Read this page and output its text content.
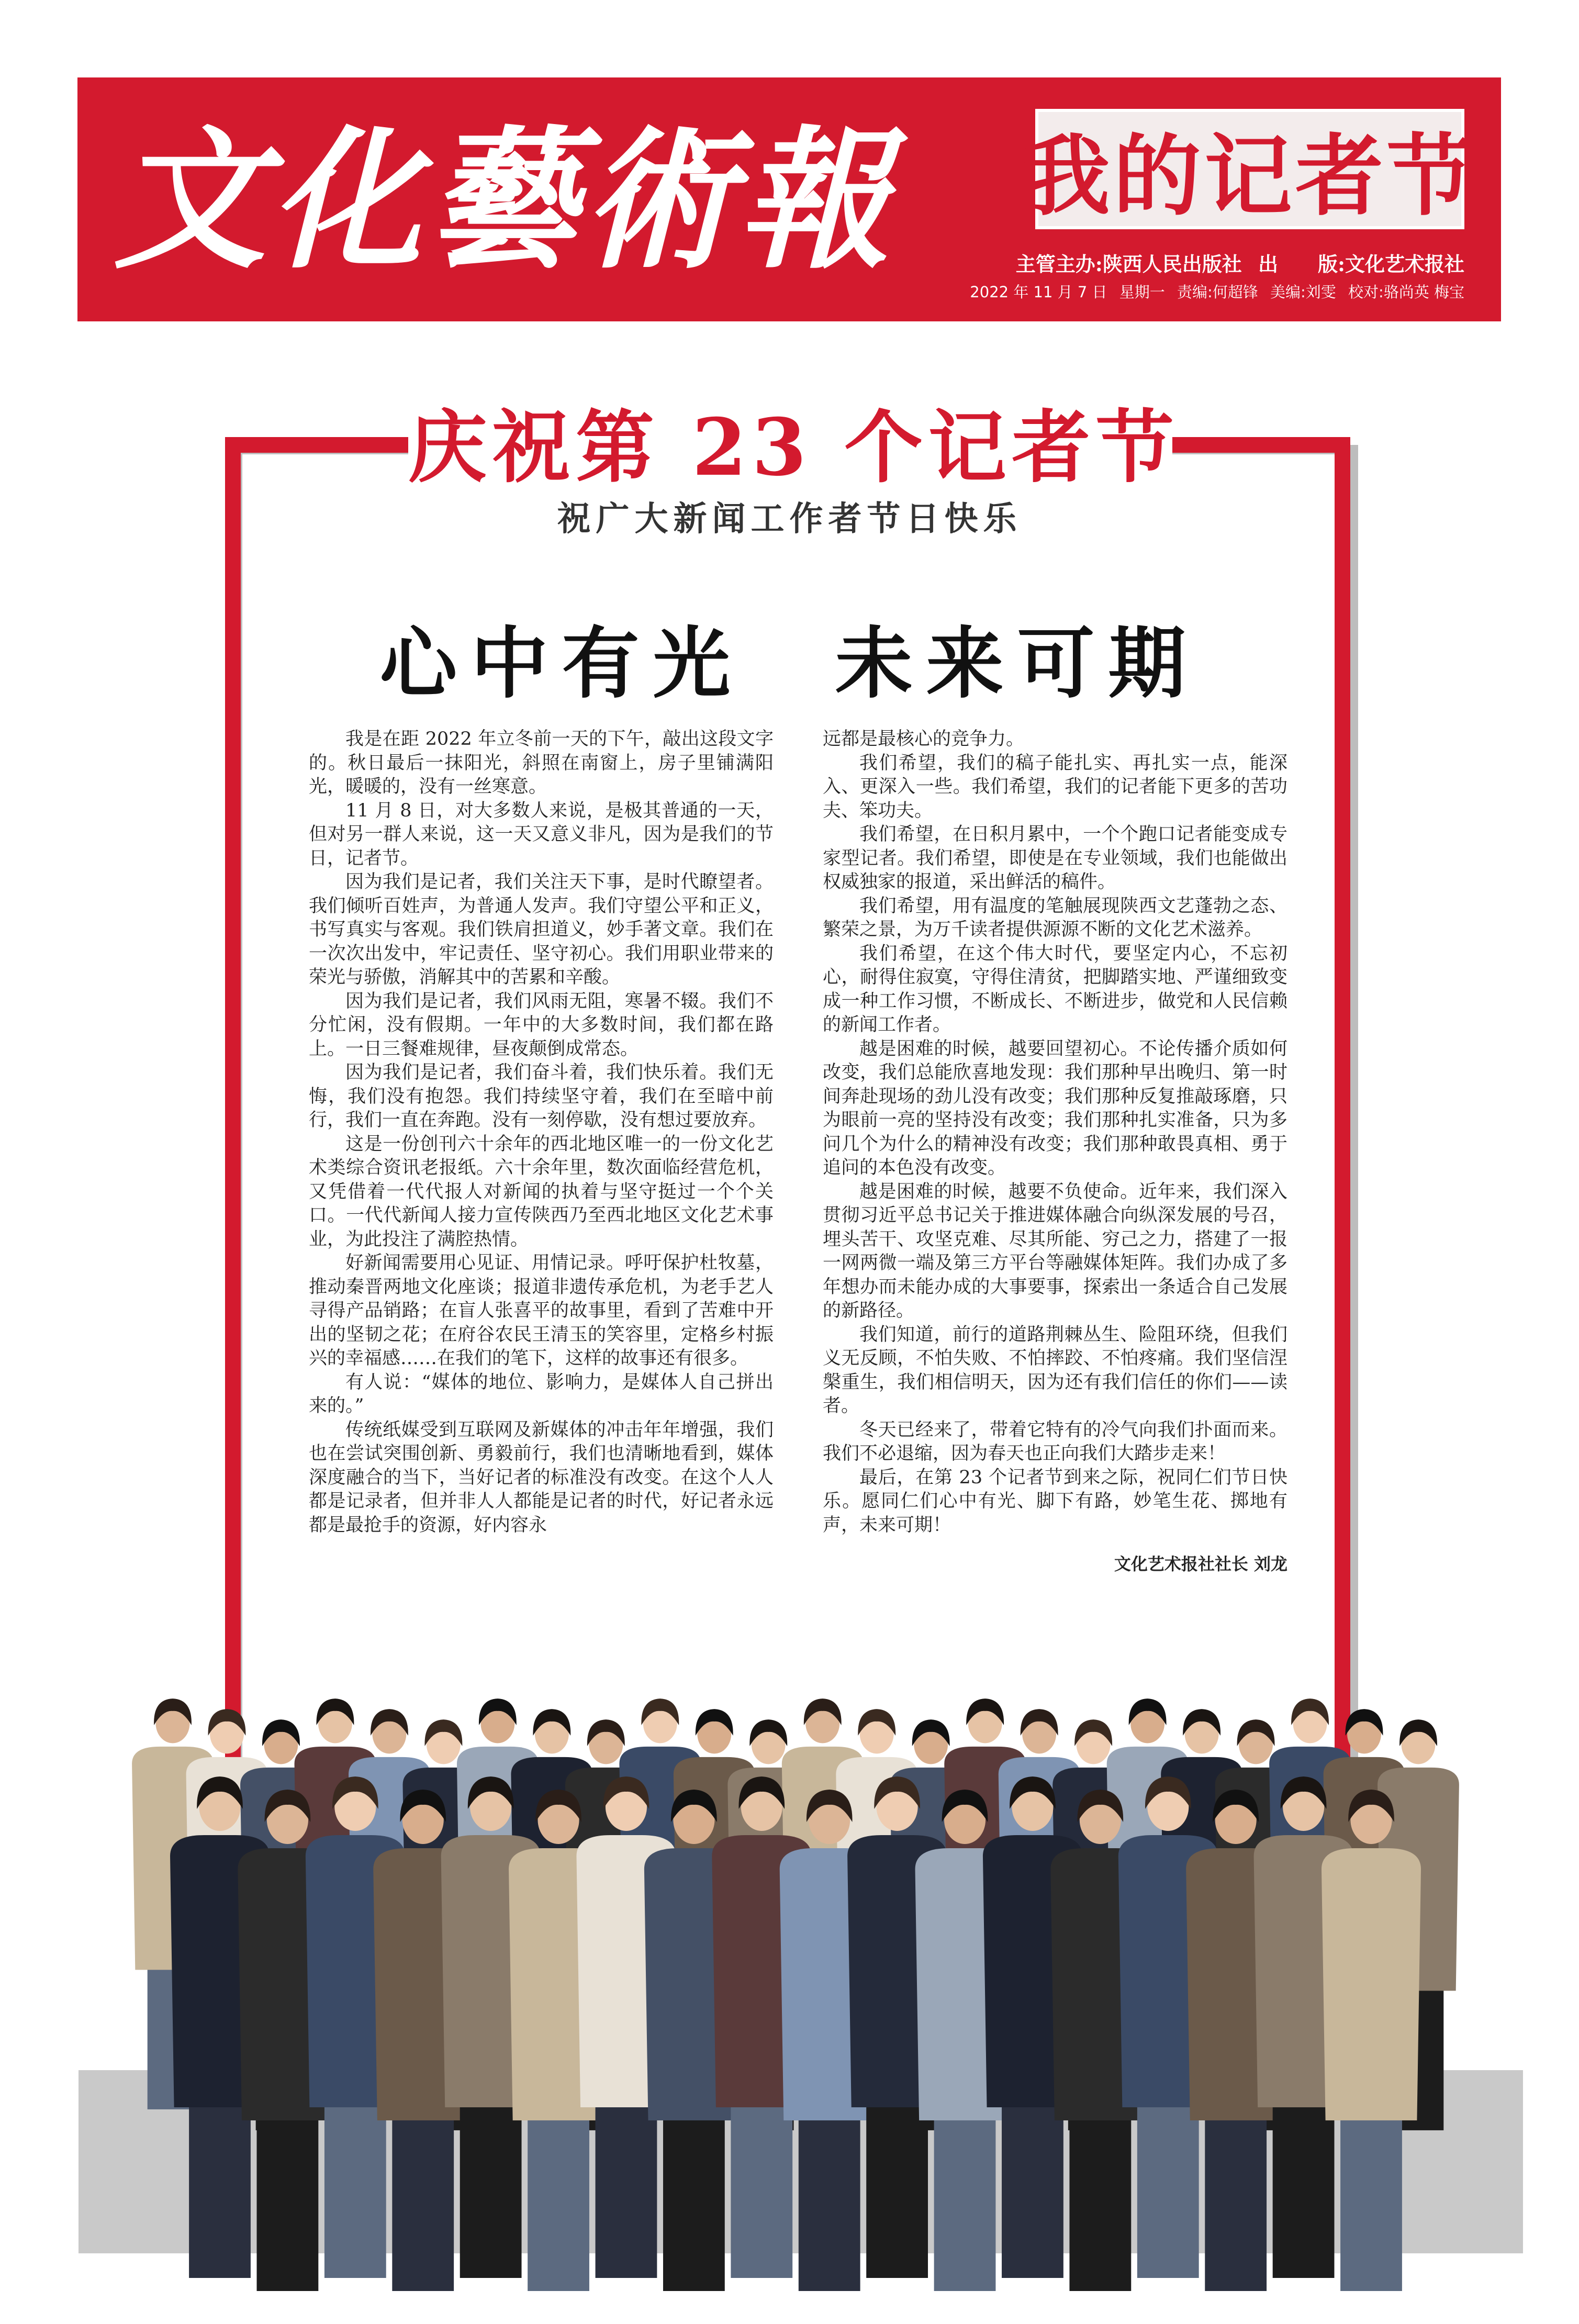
文化藝術報 我的记者节
主管主办:陕西人民出版社 出　　版:文化艺术报社
2022 年 11 月 7 日 星期一 责编:何超锋 美编:刘雯 校对:骆尚英 梅宝
庆祝第 23 个记者节
祝广大新闻工作者节日快乐
心中有光　未来可期

我是在距 2022 年立冬前一天的下午，敲出这段文字的。秋日最后一抹阳光，斜照在南窗上，房子里铺满阳光，暖暖的，没有一丝寒意。

11 月 8 日，对大多数人来说，是极其普通的一天，但对另一群人来说，这一天又意义非凡，因为是我们的节日，记者节。

因为我们是记者，我们关注天下事，是时代瞭望者。我们倾听百姓声，为普通人发声。我们守望公平和正义，书写真实与客观。我们铁肩担道义，妙手著文章。我们在一次次出发中，牢记责任、坚守初心。我们用职业带来的荣光与骄傲，消解其中的苦累和辛酸。

因为我们是记者，我们风雨无阻，寒暑不辍。我们不分忙闲，没有假期。一年中的大多数时间，我们都在路上。一日三餐难规律，昼夜颠倒成常态。

因为我们是记者，我们奋斗着，我们快乐着。我们无悔，我们没有抱怨。我们持续坚守着，我们在至暗中前行，我们一直在奔跑。没有一刻停歇，没有想过要放弃。

这是一份创刊六十余年的西北地区唯一的一份文化艺术类综合资讯老报纸。六十余年里，数次面临经营危机，又凭借着一代代报人对新闻的执着与坚守挺过一个个关口。一代代新闻人接力宣传陕西乃至西北地区文化艺术事业，为此投注了满腔热情。

好新闻需要用心见证、用情记录。呼吁保护杜牧墓，推动秦晋两地文化座谈；报道非遗传承危机，为老手艺人寻得产品销路；在盲人张喜平的故事里，看到了苦难中开出的坚韧之花；在府谷农民王清玉的笑容里，定格乡村振兴的幸福感……在我们的笔下，这样的故事还有很多。

有人说：“媒体的地位、影响力，是媒体人自己拼出来的。”

传统纸媒受到互联网及新媒体的冲击年年增强，我们也在尝试突围创新、勇毅前行，我们也清晰地看到，媒体深度融合的当下，当好记者的标准没有改变。在这个人人都是记录者，但并非人人都能是记者的时代，好记者永远都是最抢手的资源，好内容永

远都是最核心的竞争力。

我们希望，我们的稿子能扎实、再扎实一点，能深入、更深入一些。我们希望，我们的记者能下更多的苦功夫、笨功夫。

我们希望，在日积月累中，一个个跑口记者能变成专家型记者。我们希望，即使是在专业领域，我们也能做出权威独家的报道，采出鲜活的稿件。

我们希望，用有温度的笔触展现陕西文艺蓬勃之态、繁荣之景，为万千读者提供源源不断的文化艺术滋养。

我们希望，在这个伟大时代，要坚定内心，不忘初心，耐得住寂寞，守得住清贫，把脚踏实地、严谨细致变成一种工作习惯，不断成长、不断进步，做党和人民信赖的新闻工作者。

越是困难的时候，越要回望初心。不论传播介质如何改变，我们总能欣喜地发现：我们那种早出晚归、第一时间奔赴现场的劲儿没有改变；我们那种反复推敲琢磨，只为眼前一亮的坚持没有改变；我们那种扎实准备，只为多问几个为什么的精神没有改变；我们那种敢畏真相、勇于追问的本色没有改变。

越是困难的时候，越要不负使命。近年来，我们深入贯彻习近平总书记关于推进媒体融合向纵深发展的号召，埋头苦干、攻坚克难、尽其所能、穷己之力，搭建了一报一网两微一端及第三方平台等融媒体矩阵。我们办成了多年想办而未能办成的大事要事，探索出一条适合自己发展的新路径。

我们知道，前行的道路荆棘丛生、险阻环绕，但我们义无反顾，不怕失败、不怕摔跤、不怕疼痛。我们坚信涅槃重生，我们相信明天，因为还有我们信任的你们——读者。

冬天已经来了，带着它特有的冷气向我们扑面而来。我们不必退缩，因为春天也正向我们大踏步走来！

最后，在第 23 个记者节到来之际，祝同仁们节日快乐。愿同仁们心中有光、脚下有路，妙笔生花、掷地有声，未来可期！

文化艺术报社社长 刘龙
